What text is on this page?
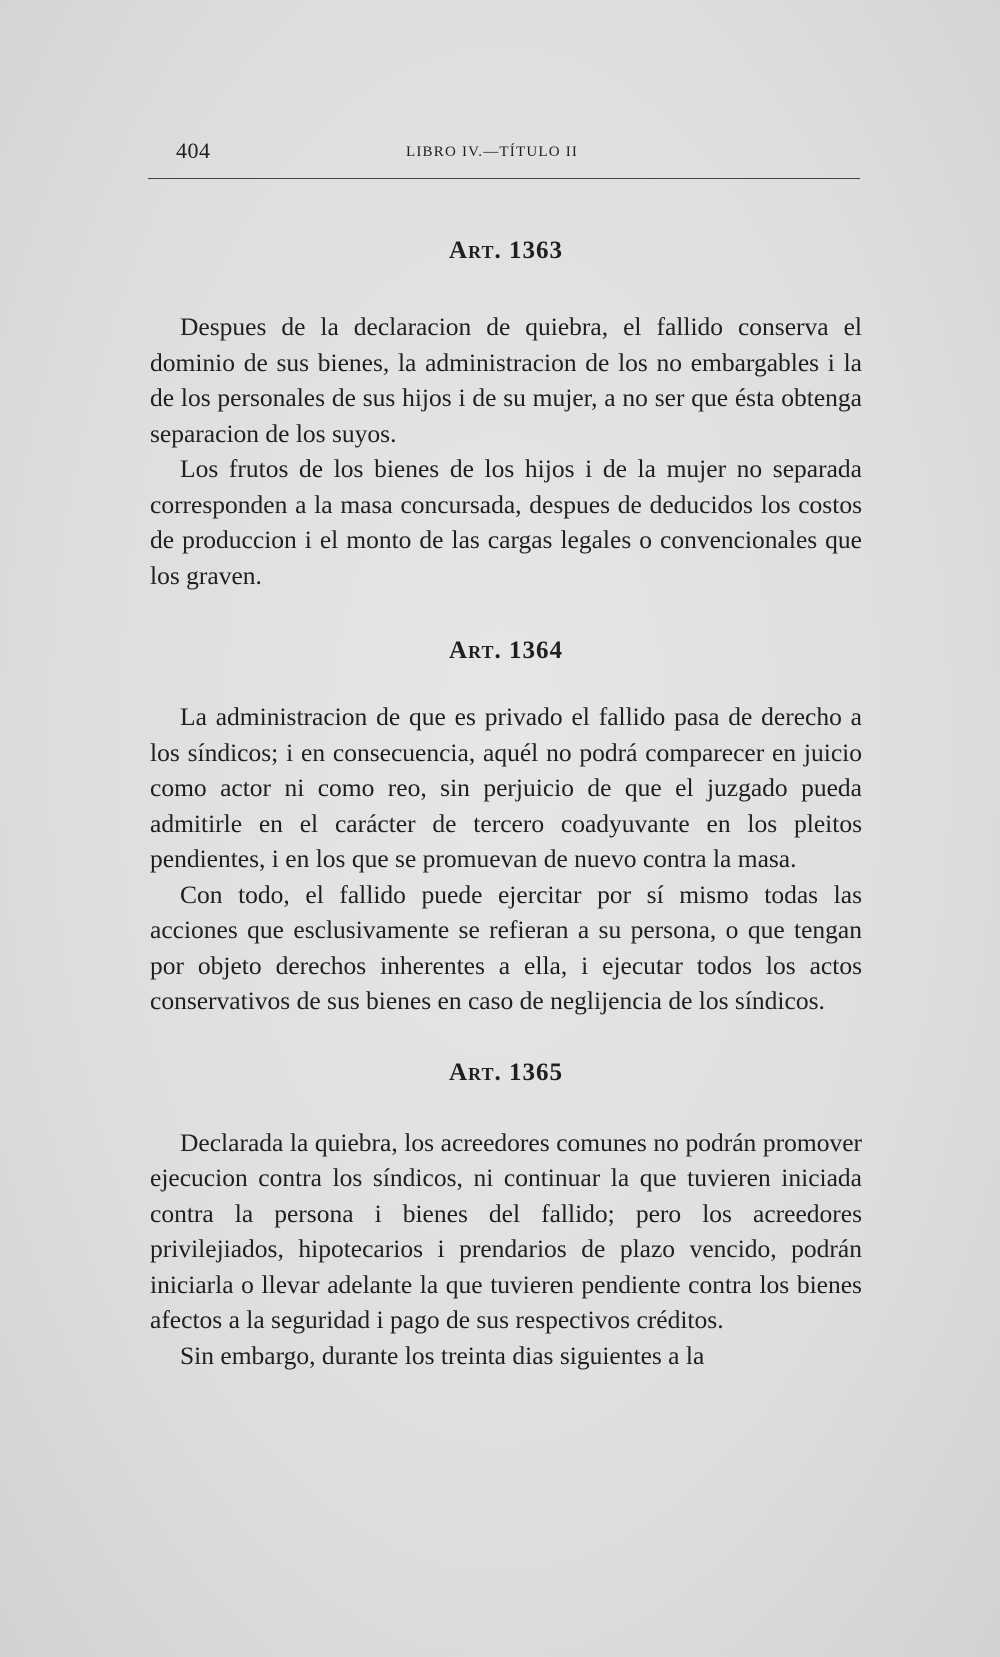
404	LIBRO IV.—TÍTULO II
Art. 1363

Despues de la declaracion de quiebra, el fallido conserva el dominio de sus bienes, la administracion de los no embargables i la de los personales de sus hijos i de su mujer, a no ser que ésta obtenga separacion de los suyos.

Los frutos de los bienes de los hijos i de la mujer no separada corresponden a la masa concursada, despues de deducidos los costos de produccion i el monto de las cargas legales o convencionales que los graven.

Art. 1364

La administracion de que es privado el fallido pasa de derecho a los síndicos; i en consecuencia, aquél no podrá comparecer en juicio como actor ni como reo, sin perjuicio de que el juzgado pueda admitirle en el carácter de tercero coadyuvante en los pleitos pendientes, i en los que se promuevan de nuevo contra la masa.

Con todo, el fallido puede ejercitar por sí mismo todas las acciones que esclusivamente se refieran a su persona, o que tengan por objeto derechos inherentes a ella, i ejecutar todos los actos conservativos de sus bienes en caso de neglijencia de los síndicos.

Art. 1365

Declarada la quiebra, los acreedores comunes no podrán promover ejecucion contra los síndicos, ni continuar la que tuvieren iniciada contra la persona i bienes del fallido; pero los acreedores privilejiados, hipotecarios i prendarios de plazo vencido, podrán iniciarla o llevar adelante la que tuvieren pendiente contra los bienes afectos a la seguridad i pago de sus respectivos créditos.

Sin embargo, durante los treinta dias siguientes a la
